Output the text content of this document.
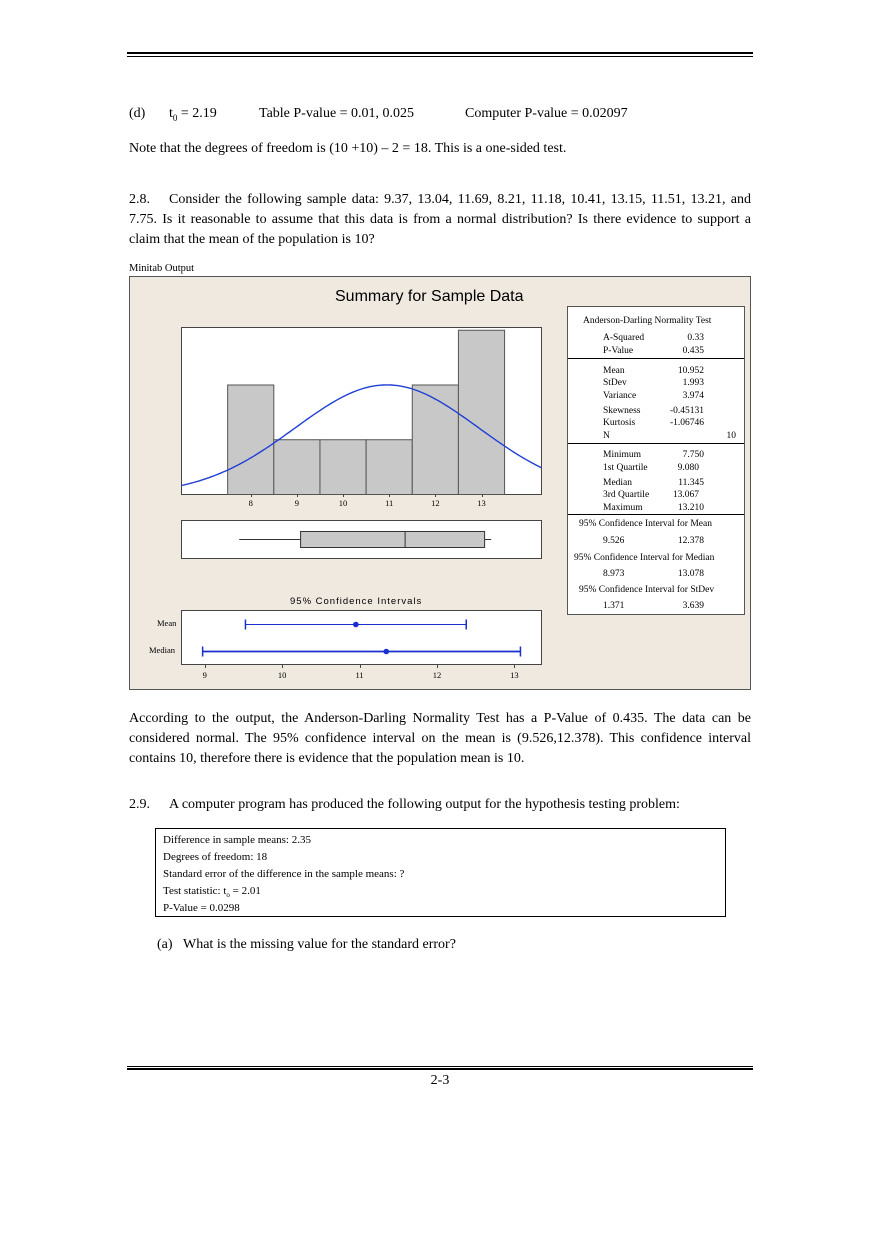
(d) $t_0 = 2.19$	Table P-value = 0.01, 0.025	Computer P-value = 0.02097
Note that the degrees of freedom is (10 +10) – 2 = 18. This is a one-sided test.
Consider the following sample data: 9.37, 13.04, 11.69, 8.21, 11.18, 10.41, 13.15, 11.51, 13.21, and 7.75. Is it reasonable to assume that this data is from a normal distribution? Is there evidence to support a claim that the mean of the population is 10?
2.8.
Minitab Output
Summary for Sample Data
95% Confidence Intervals
Mean
Median
Anderson-Darling Normality Test
A-Squared	0.33
P-Value	0.435
Mean	10.952
StDev	1.993
Variance	3.974
Skewness	-0.45131
Kurtosis	-1.06746
N	10
Minimum	7.750
1st Quartile	9.080
Median	11.345
3rd Quartile 13.067
Maximum	13.210
95% Confidence Interval for Mean
9.526	12.378
95% Confidence Interval for Median
8.973	13.078
95% Confidence Interval for StDev
1.371	3.639
8	9	10	11	12	13
9	10	11	12	13
According to the output, the Anderson-Darling Normality Test has a P-Value of 0.435. The data can be considered normal. The 95% confidence interval on the mean is (9.526,12.378). This confidence interval contains 10, therefore there is evidence that the population mean is 10.
2.9. A computer program has produced the following output for the hypothesis testing problem:
Difference in sample means: 2.35
Degrees of freedom: 18
Standard error of the difference in the sample means: ?
Test statistic: $t_o = 2.01$
P-Value = 0.0298
(a) What is the missing value for the standard error?
2-3
